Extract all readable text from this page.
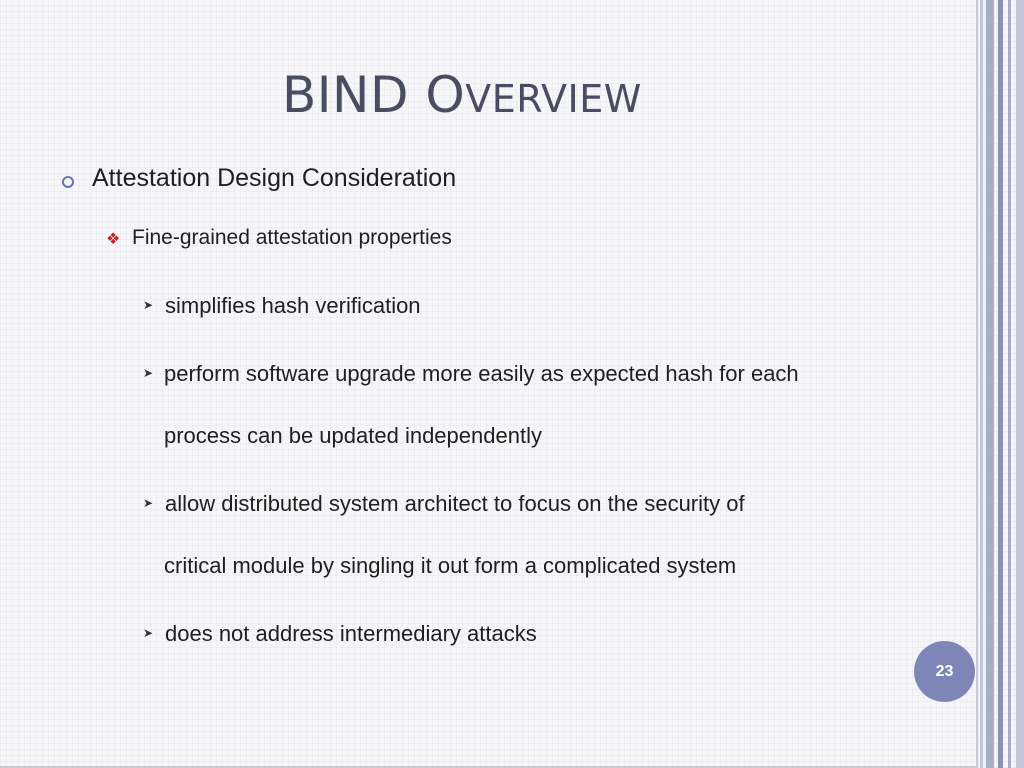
BIND OVERVIEW
Attestation Design Consideration
❖ Fine-grained attestation properties
➤ simplifies hash verification
➤ perform software upgrade more easily as expected hash for each
process can be updated independently
➤ allow distributed system architect to focus on the security of
critical module by singling it out form a complicated system
➤ does not address intermediary attacks
23
